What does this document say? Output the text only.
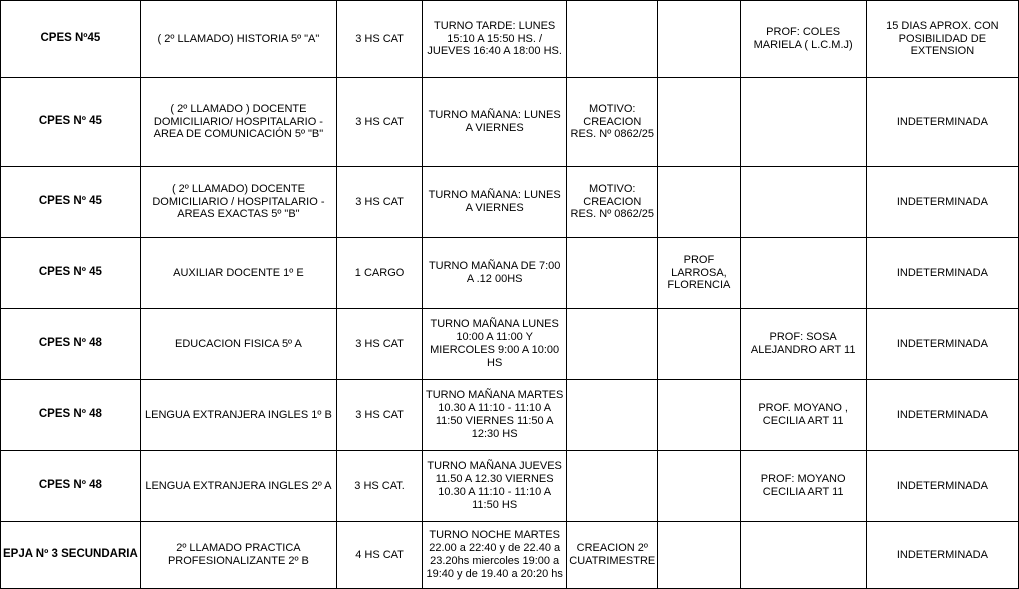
CPES Nº45	( 2º LLAMADO) HISTORIA 5º "A"	3 HS CAT	TURNO TARDE: LUNES 15:10 A 15:50 HS. / JUEVES 16:40 A 18:00 HS.			PROF: COLES MARIELA ( L.C.M.J)	15 DIAS APROX. CON POSIBILIDAD DE EXTENSION
CPES Nº 45	( 2º LLAMADO ) DOCENTE DOMICILIARIO/ HOSPITALARIO - AREA DE COMUNICACIÓN 5º "B"	3 HS CAT	TURNO MAÑANA: LUNES A VIERNES	MOTIVO: CREACION RES. Nº 0862/25			INDETERMINADA
CPES Nº 45	( 2º LLAMADO) DOCENTE DOMICILIARIO / HOSPITALARIO - AREAS EXACTAS 5º "B"	3 HS CAT	TURNO MAÑANA: LUNES A VIERNES	MOTIVO: CREACION RES. Nº 0862/25			INDETERMINADA
CPES Nº 45	AUXILIAR DOCENTE 1º E	1 CARGO	TURNO MAÑANA DE 7:00 A .12 00HS		PROF LARROSA, FLORENCIA		INDETERMINADA
CPES Nº 48	EDUCACION FISICA 5º A	3 HS CAT	TURNO MAÑANA LUNES 10:00 A 11:00 Y MIERCOLES 9:00 A 10:00 HS			PROF: SOSA ALEJANDRO ART 11	INDETERMINADA
CPES Nº 48	LENGUA EXTRANJERA INGLES 1º B	3 HS CAT	TURNO MAÑANA MARTES 10.30 A 11:10 - 11:10 A 11:50 VIERNES 11:50 A 12:30 HS			PROF. MOYANO , CECILIA ART 11	INDETERMINADA
CPES Nº 48	LENGUA EXTRANJERA INGLES 2º A	3 HS CAT.	TURNO MAÑANA JUEVES 11.50 A 12.30 VIERNES 10.30 A 11:10 - 11:10 A 11:50 HS			PROF: MOYANO CECILIA ART 11	INDETERMINADA
EPJA Nº 3 SECUNDARIA	2º LLAMADO PRACTICA PROFESIONALIZANTE 2º B	4 HS CAT	TURNO NOCHE MARTES 22.00 a 22:40 y de 22.40 a 23.20hs miercoles 19:00 a 19:40 y de 19.40 a 20:20 hs	CREACION 2º CUATRIMESTRE			INDETERMINADA
